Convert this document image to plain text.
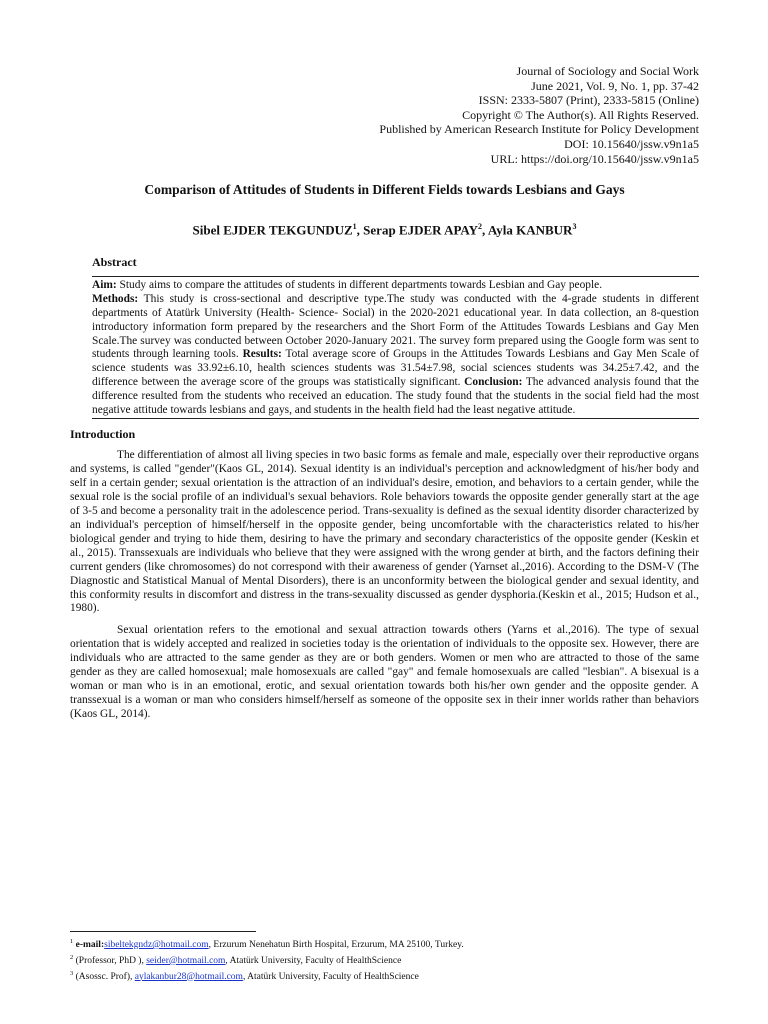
Journal of Sociology and Social Work
June 2021, Vol. 9, No. 1, pp. 37-42
ISSN: 2333-5807 (Print), 2333-5815 (Online)
Copyright © The Author(s). All Rights Reserved.
Published by American Research Institute for Policy Development
DOI: 10.15640/jssw.v9n1a5
URL: https://doi.org/10.15640/jssw.v9n1a5
Comparison of Attitudes of Students in Different Fields towards Lesbians and Gays
Sibel EJDER TEKGUNDUZ$^1$, Serap EJDER APAY$^2$, Ayla KANBUR$^3$
Abstract
Aim: Study aims to compare the attitudes of students in different departments towards Lesbian and Gay people.
Methods: This study is cross-sectional and descriptive type.The study was conducted with the 4-grade students in different departments of Atatürk University (Health- Science- Social) in the 2020-2021 educational year. In data collection, an 8-question introductory information form prepared by the researchers and the Short Form of the Attitudes Towards Lesbians and Gay Men Scale.The survey was conducted between October 2020-January 2021. The survey form prepared using the Google form was sent to students through learning tools. Results: Total average score of Groups in the Attitudes Towards Lesbians and Gay Men Scale of science students was 33.92±6.10, health sciences students was 31.54±7.98, social sciences students was 34.25±7.42, and the difference between the average score of the groups was statistically significant. Conclusion: The advanced analysis found that the difference resulted from the students who received an education. The study found that the students in the social field had the most negative attitude towards lesbians and gays, and students in the health field had the least negative attitude.
Introduction
The differentiation of almost all living species in two basic forms as female and male, especially over their reproductive organs and systems, is called "gender"(Kaos GL, 2014). Sexual identity is an individual's perception and acknowledgment of his/her body and self in a certain gender; sexual orientation is the attraction of an individual's desire, emotion, and behaviors to a certain gender, while the sexual role is the social profile of an individual's sexual behaviors. Role behaviors towards the opposite gender generally start at the age of 3-5 and become a personality trait in the adolescence period. Trans-sexuality is defined as the sexual identity disorder characterized by an individual's perception of himself/herself in the opposite gender, being uncomfortable with the characteristics related to his/her biological gender and trying to hide them, desiring to have the primary and secondary characteristics of the opposite gender (Keskin et al., 2015). Transsexuals are individuals who believe that they were assigned with the wrong gender at birth, and the factors defining their current genders (like chromosomes) do not correspond with their awareness of gender (Yarnset al.,2016). According to the DSM-V (The Diagnostic and Statistical Manual of Mental Disorders), there is an unconformity between the biological gender and sexual identity, and this conformity results in discomfort and distress in the trans-sexuality discussed as gender dysphoria.(Keskin et al., 2015; Hudson et al., 1980).
Sexual orientation refers to the emotional and sexual attraction towards others (Yarns et al.,2016). The type of sexual orientation that is widely accepted and realized in societies today is the orientation of individuals to the opposite sex. However, there are individuals who are attracted to the same gender as they are or both genders. Women or men who are attracted to those of the same gender as they are called homosexual; male homosexuals are called "gay" and female homosexuals are called "lesbian". A bisexual is a woman or man who is in an emotional, erotic, and sexual orientation towards both his/her own gender and the opposite gender. A transsexual is a woman or man who considers himself/herself as someone of the opposite sex in their inner worlds rather than behaviors (Kaos GL, 2014).
$^1$ e-mail:sibeltekgndz@hotmail.com, Erzurum Nenehatun Birth Hospital, Erzurum, MA 25100, Turkey.
$^2$ (Professor, PhD ), seider@hotmail.com, Atatürk University, Faculty of HealthScience
$^3$ (Asossc. Prof), aylakanbur28@hotmail.com, Atatürk University, Faculty of HealthScience
